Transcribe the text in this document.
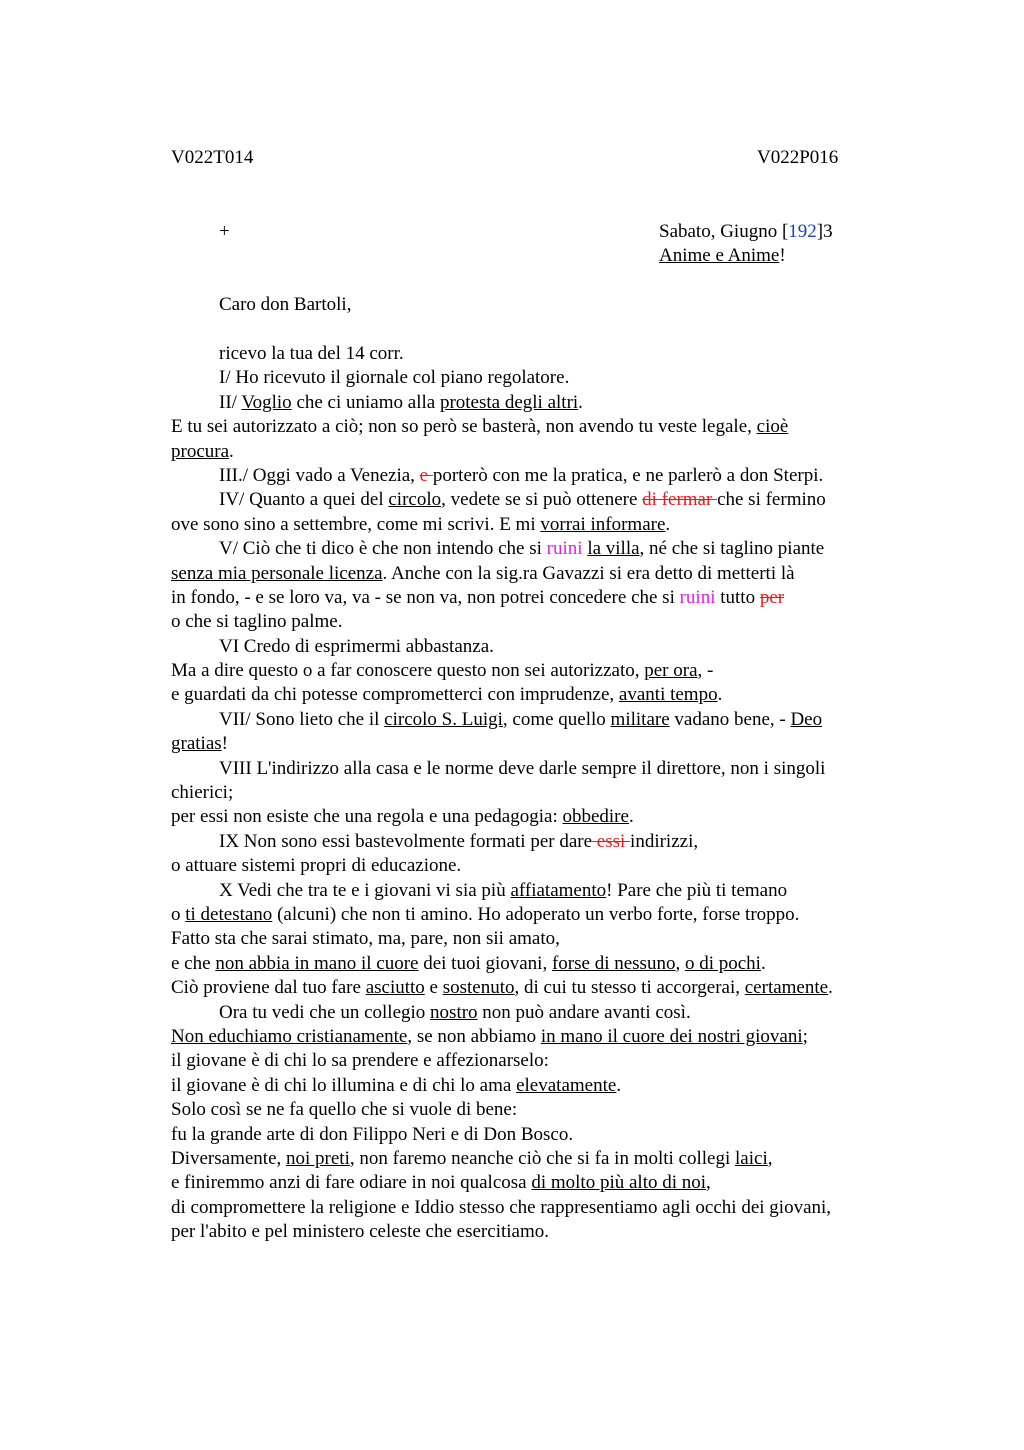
V022T014	V022P016
+	Sabato, Giugno [192]3
Anime e Anime!
Caro don Bartoli,
ricevo la tua del 14 corr.
I/ Ho ricevuto il giornale col piano regolatore.
II/ Voglio che ci uniamo alla protesta degli altri.
E tu sei autorizzato a ciò; non so però se basterà, non avendo tu veste legale, cioè
procura.
III./ Oggi vado a Venezia, e porterò con me la pratica, e ne parlerò a don Sterpi.
IV/ Quanto a quei del circolo, vedete se si può ottenere di fermar che si fermino
ove sono sino a settembre, come mi scrivi. E mi vorrai informare.
V/ Ciò che ti dico è che non intendo che si ruini la villa, né che si taglino piante
senza mia personale licenza. Anche con la sig.ra Gavazzi si era detto di metterti là
in fondo, - e se loro va, va - se non va, non potrei concedere che si ruini tutto per
o che si taglino palme.
VI Credo di esprimermi abbastanza.
Ma a dire questo o a far conoscere questo non sei autorizzato, per ora, -
e guardati da chi potesse comprometterci con imprudenze, avanti tempo.
VII/ Sono lieto che il circolo S. Luigi, come quello militare vadano bene, - Deo
gratias!
VIII L'indirizzo alla casa e le norme deve darle sempre il direttore, non i singoli
chierici;
per essi non esiste che una regola e una pedagogia: obbedire.
IX Non sono essi bastevolmente formati per dare essi indirizzi,
o attuare sistemi propri di educazione.
X Vedi che tra te e i giovani vi sia più affiatamento! Pare che più ti temano
o ti detestano (alcuni) che non ti amino. Ho adoperato un verbo forte, forse troppo.
Fatto sta che sarai stimato, ma, pare, non sii amato,
e che non abbia in mano il cuore dei tuoi giovani, forse di nessuno, o di pochi.
Ciò proviene dal tuo fare asciutto e sostenuto, di cui tu stesso ti accorgerai, certamente.
Ora tu vedi che un collegio nostro non può andare avanti così.
Non educhiamo cristianamente, se non abbiamo in mano il cuore dei nostri giovani;
il giovane è di chi lo sa prendere e affezionarselo:
il giovane è di chi lo illumina e di chi lo ama elevatamente.
Solo così se ne fa quello che si vuole di bene:
fu la grande arte di don Filippo Neri e di Don Bosco.
Diversamente, noi preti, non faremo neanche ciò che si fa in molti collegi laici,
e finiremmo anzi di fare odiare in noi qualcosa di molto più alto di noi,
di compromettere la religione e Iddio stesso che rappresentiamo agli occhi dei giovani,
per l'abito e pel ministero celeste che esercitiamo.
